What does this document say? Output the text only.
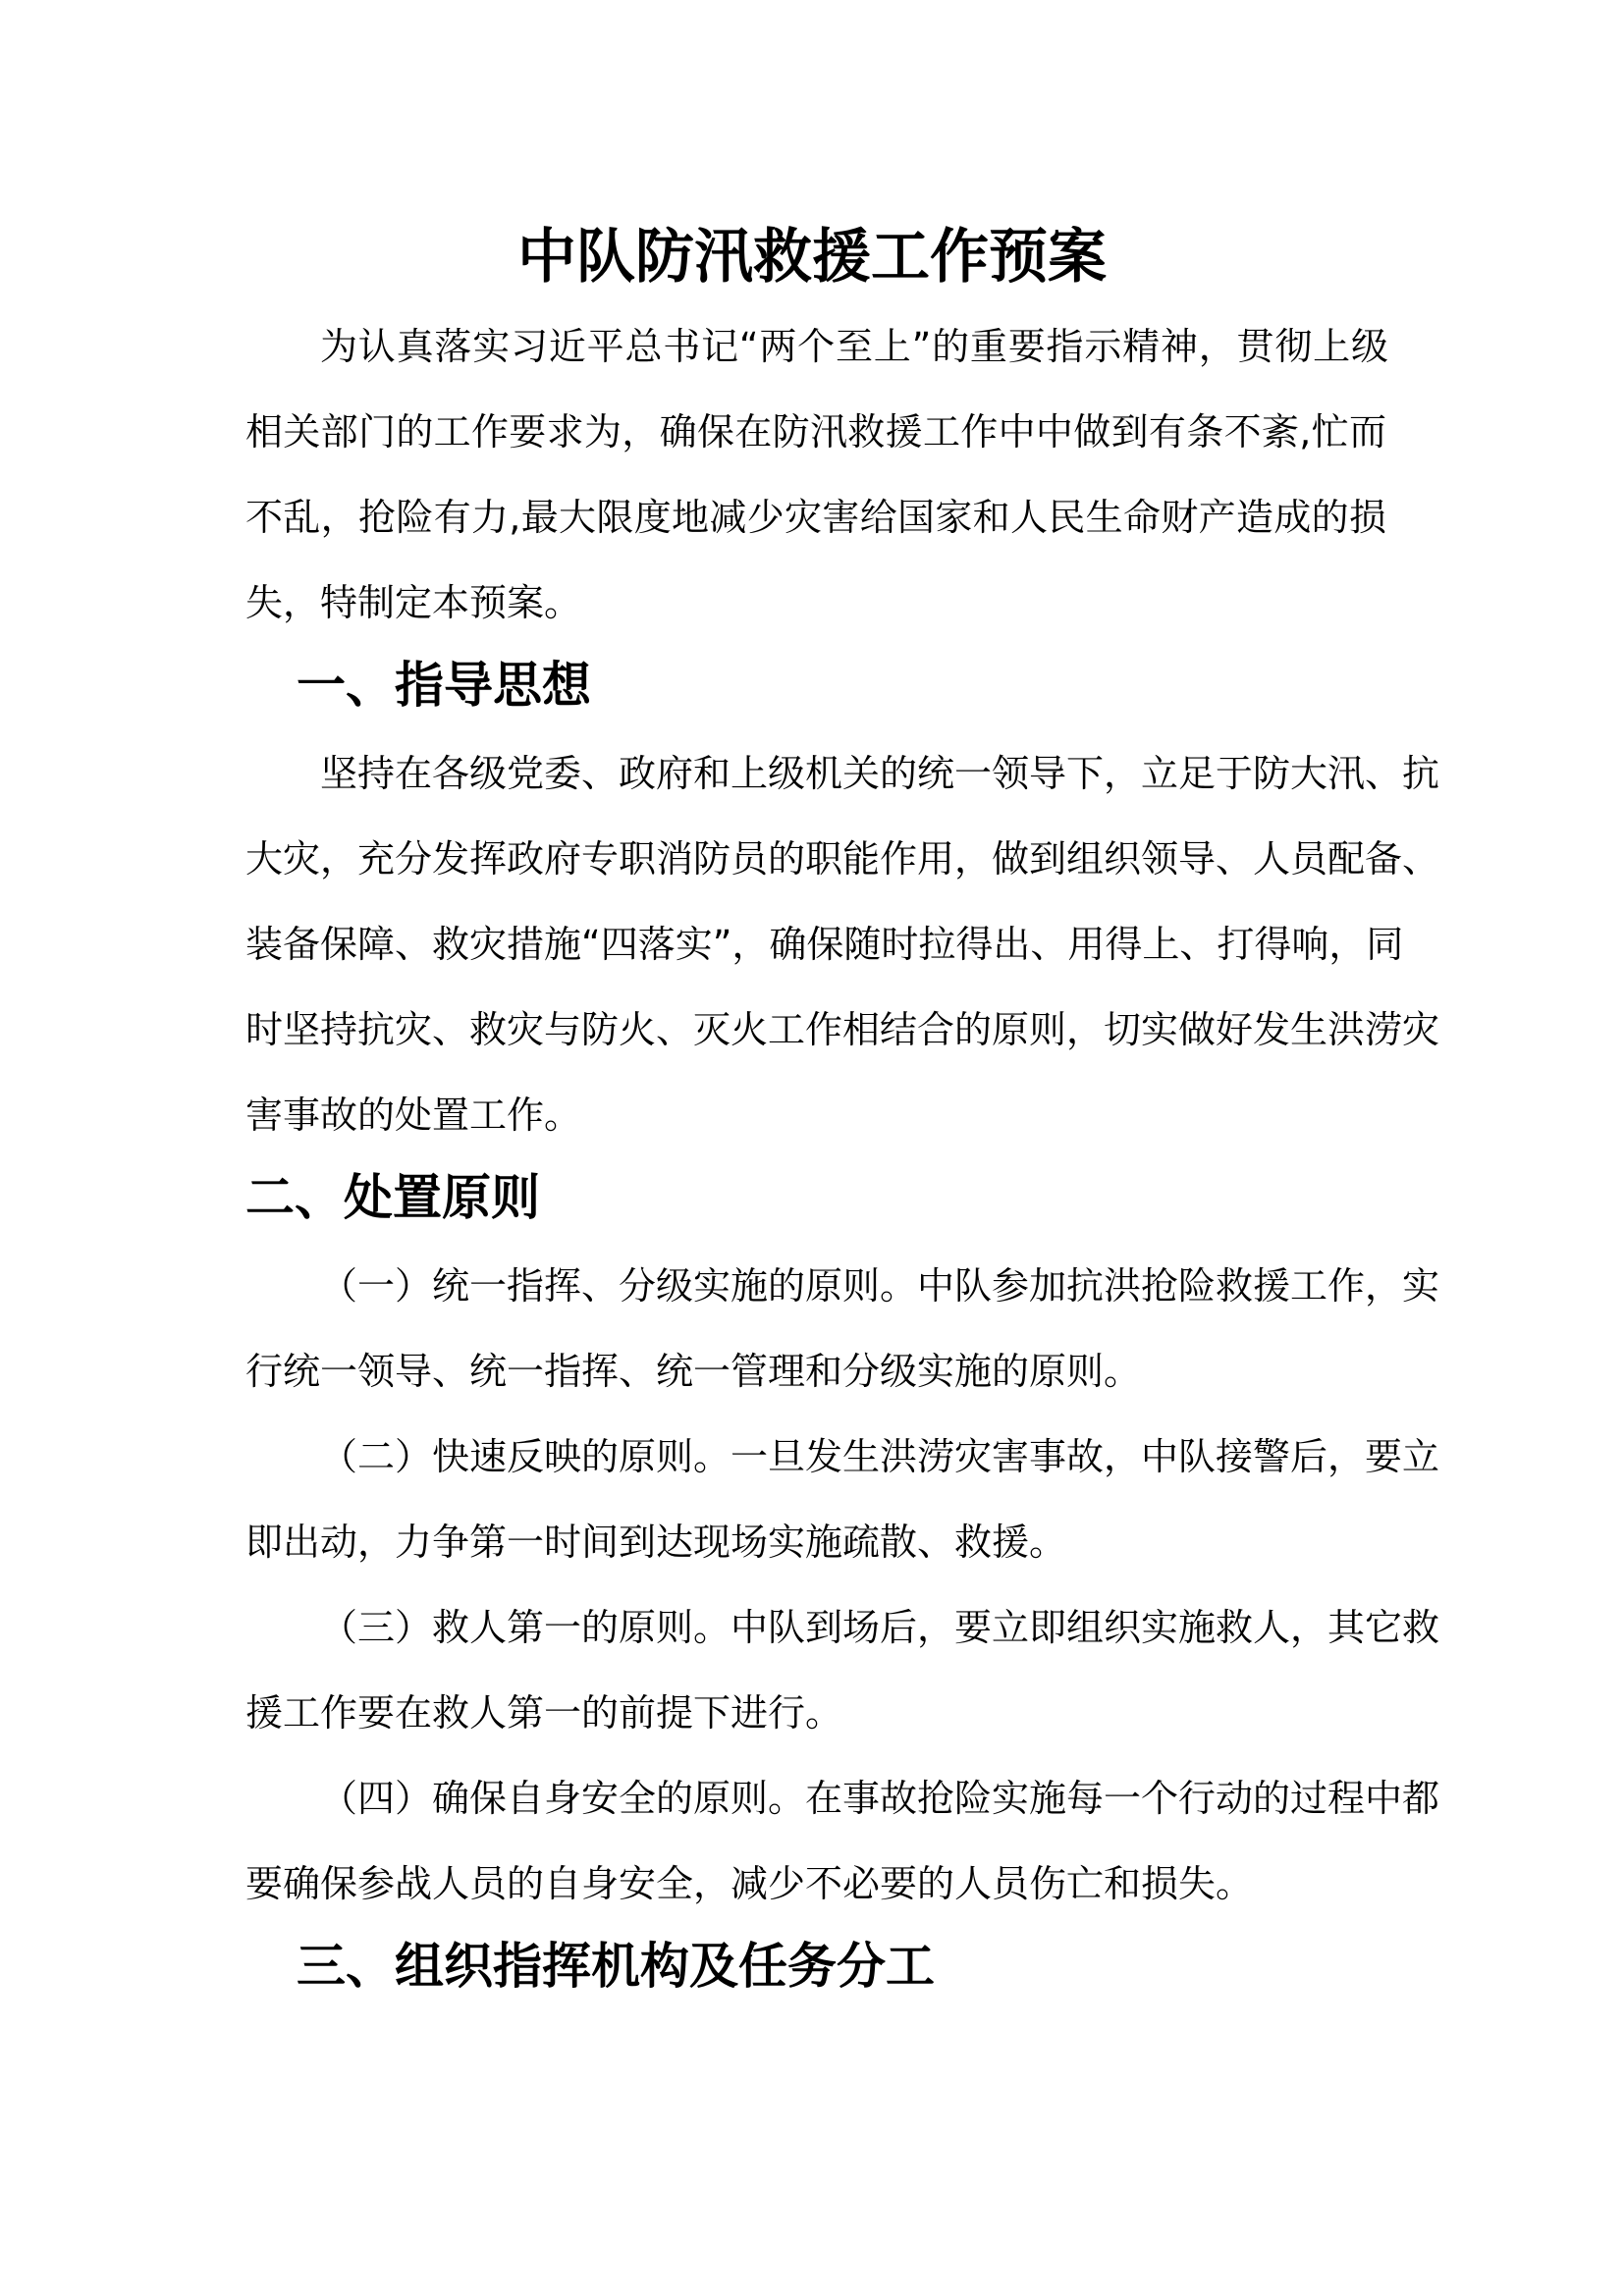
中队防汛救援工作预案
为认真落实习近平总书记“两个至上”的重要指示精神，贯彻上级
相关部门的工作要求为，确保在防汛救援工作中中做到有条不紊,忙而
不乱，抢险有力,最大限度地减少灾害给国家和人民生命财产造成的损
失，特制定本预案。
一、指导思想
坚持在各级党委、政府和上级机关的统一领导下，立足于防大汛、抗
大灾，充分发挥政府专职消防员的职能作用，做到组织领导、人员配备、
装备保障、救灾措施“四落实”，确保随时拉得出、用得上、打得响，同
时坚持抗灾、救灾与防火、灭火工作相结合的原则，切实做好发生洪涝灾
害事故的处置工作。
二、处置原则
（一）统一指挥、分级实施的原则。中队参加抗洪抢险救援工作，实
行统一领导、统一指挥、统一管理和分级实施的原则。
（二）快速反映的原则。一旦发生洪涝灾害事故，中队接警后，要立
即出动，力争第一时间到达现场实施疏散、救援。
（三）救人第一的原则。中队到场后，要立即组织实施救人，其它救
援工作要在救人第一的前提下进行。
（四）确保自身安全的原则。在事故抢险实施每一个行动的过程中都
要确保参战人员的自身安全，减少不必要的人员伤亡和损失。
三、组织指挥机构及任务分工
